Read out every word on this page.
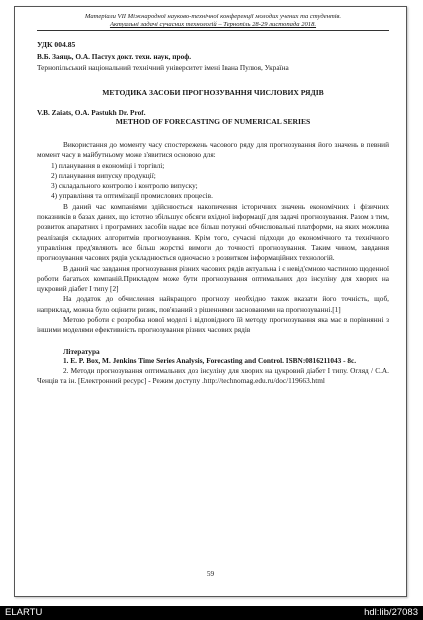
Матеріали VІІ Міжнародної науково-технічної конференції молодих учених та студентів.
Актуальні задачі сучасних технологій – Тернопіль 28-29 листопада 2018.
УДК 004.85
В.Б. Заяць, О.А. Пастух докт. техн. наук, проф.
Тернопільський національний технічний університет імені Івана Пулюя, Україна
МЕТОДИКА ЗАСОБИ ПРОГНОЗУВАННЯ ЧИСЛОВИХ РЯДІВ
V.B. Zaiats, O.A. Pastukh Dr. Prof.
METHOD OF FORECASTING OF NUMERICAL SERIES

Використання до моменту часу спостережень часового ряду для прогнозування його значень в певний момент часу в майбутньому може з'явитися основою для:

1) планування в економіці і торгівлі;
2) планування випуску продукції;
3) складального контролю і контролю випуску;
4) управління та оптимізації промислових процесів.

В даний час компаніями здійснюється накопичення історичних значень економічних і фізичних показників в базах даних, що істотно збільшує обсяги вхідної інформації для задачі прогнозування. Разом з тим, розвиток апаратних і програмних засобів надає все більш потужні обчислювальні платформи, на яких можлива реалізація складних алгоритмів прогнозування. Крім того, сучасні підходи до економічного та технічного управління пред'являють все більш жорсткі вимоги до точності прогнозування. Таким чином, завдання прогнозування часових рядів ускладнюється одночасно з розвитком інформаційних технологій.

В даний час завдання прогнозування різних часових рядів актуальна і є невід'ємною частиною щоденної роботи багатьох компаній.Прикладом може бути прогнозування оптимальних доз інсуліну для хворих на цукровий діабет I типу [2]

На додаток до обчислення найкращого прогнозу необхідно також вказати його точність, щоб, наприклад, можна було оцінити ризик, пов'язаний з рішеннями заснованими на прогнозуванні.[1]

Метою роботи є розробка нової моделі і відповідного їй методу прогнозування яка має в порівнянні з іншими моделями ефективність прогнозування різних часових рядів

Література

1. E. P. Box, M. Jenkins Time Series Analysis, Forecasting and Control. ISBN:0816211043 - 8c.

2. Методи прогнозування оптимальних доз інсуліну для хворих на цукровий діабет I типу. Огляд / С.А. Ченців та ін. [Електронний ресурс] - Режим доступу .http://technomag.edu.ru/doc/119663.html

59
ELARTU	hdl:lib/27083
